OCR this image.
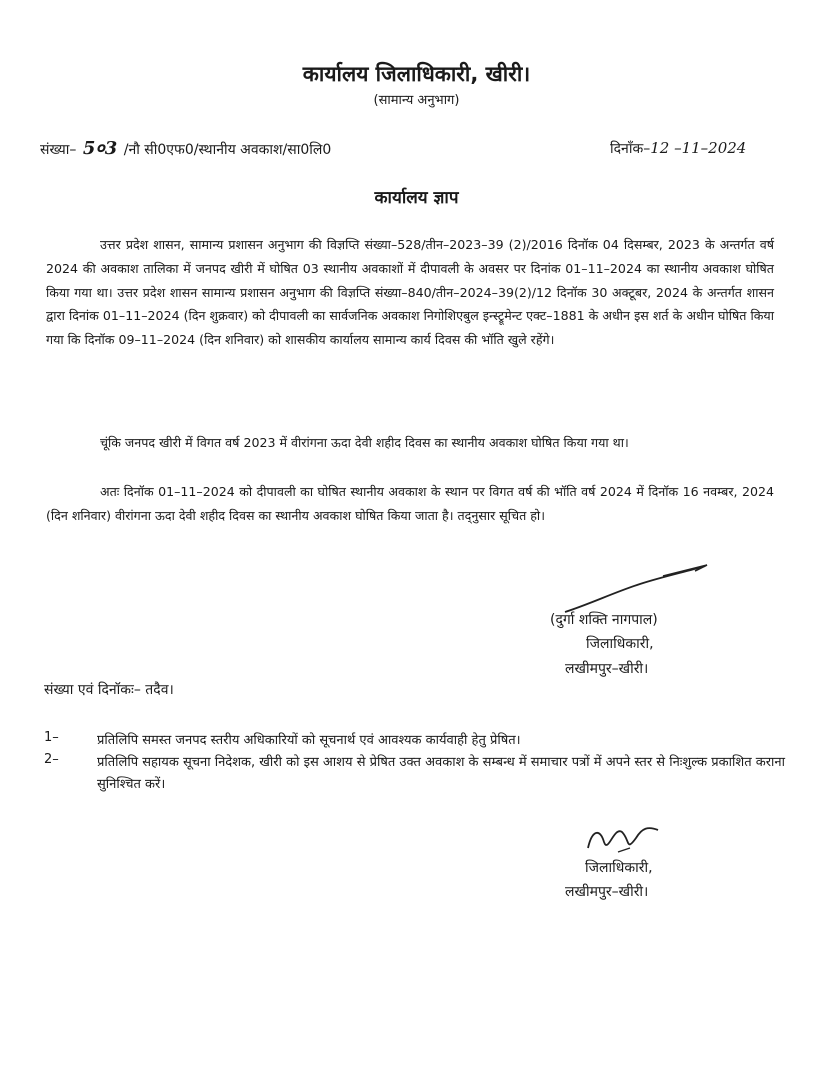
कार्यालय जिलाधिकारी, खीरी।
(सामान्य अनुभाग)
संख्या– 5०3 /नौ सी0एफ0/स्थानीय अवकाश/सा0लि0	दिनाँक–12 –11–2024
कार्यालय ज्ञाप

उत्तर प्रदेश शासन, सामान्य प्रशासन अनुभाग की विज्ञप्ति संख्या–528/तीन–2023–39 (2)/2016 दिनॉक 04 दिसम्बर, 2023 के अन्तर्गत वर्ष 2024 की अवकाश तालिका में जनपद खीरी में घोषित 03 स्थानीय अवकाशों में दीपावली के अवसर पर दिनांक 01–11–2024 का स्थानीय अवकाश घोषित किया गया था। उत्तर प्रदेश शासन सामान्य प्रशासन अनुभाग की विज्ञप्ति संख्या–840/तीन–2024–39(2)/12 दिनॉक 30 अक्टूबर, 2024 के अन्तर्गत शासन द्वारा दिनांक 01–11–2024 (दिन शुक्रवार) को दीपावली का सार्वजनिक अवकाश निगोशिएबुल इन्स्ट्रूमेन्ट एक्ट–1881 के अधीन इस शर्त के अधीन घोषित किया गया कि दिनॉक 09–11–2024 (दिन शनिवार) को शासकीय कार्यालय सामान्य कार्य दिवस की भॉति खुले रहेंगे।

चूंकि जनपद खीरी में विगत वर्ष 2023 में वीरांगना ऊदा देवी शहीद दिवस का स्थानीय अवकाश घोषित किया गया था।

अतः दिनॉक 01–11–2024 को दीपावली का घोषित स्थानीय अवकाश के स्थान पर विगत वर्ष की भॉति वर्ष 2024 में दिनॉक 16 नवम्बर, 2024 (दिन शनिवार) वीरांगना ऊदा देवी शहीद दिवस का स्थानीय अवकाश घोषित किया जाता है। तद्नुसार सूचित हो।

(दुर्गा शक्ति नागपाल)
जिलाधिकारी,
लखीमपुर–खीरी।
संख्या एवं दिनॉकः– तदैव।
1–	प्रतिलिपि समस्त जनपद स्तरीय अधिकारियों को सूचनार्थ एवं आवश्यक कार्यवाही हेतु प्रेषित।

2–	प्रतिलिपि सहायक सूचना निदेशक, खीरी को इस आशय से प्रेषित उक्त अवकाश के सम्बन्ध में समाचार पत्रों में अपने स्तर से निःशुल्क प्रकाशित कराना सुनिश्चित करें।

जिलाधिकारी,
लखीमपुर–खीरी।
